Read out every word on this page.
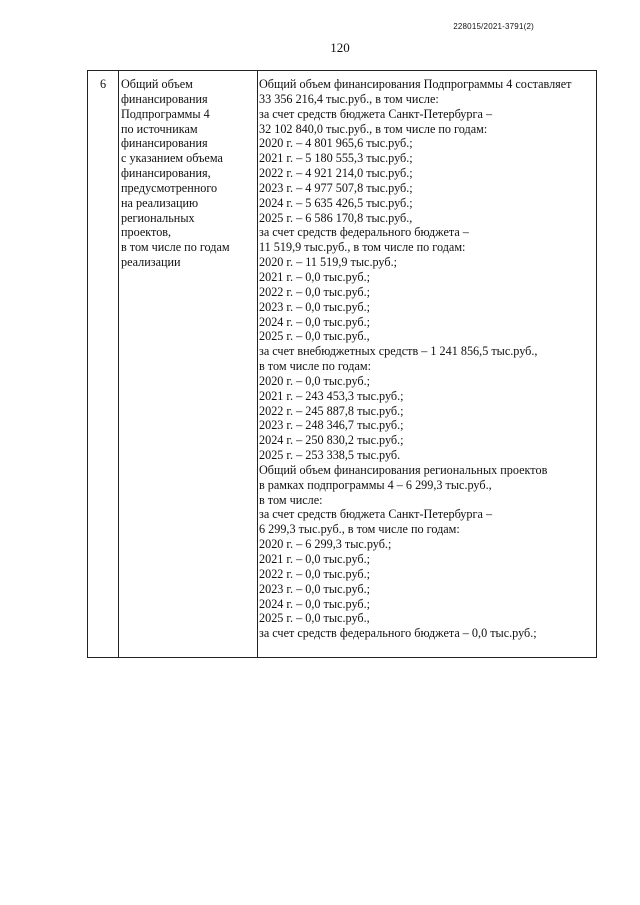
228015/2021-3791(2)
120
6	Общий объем
финансирования
Подпрограммы 4
по источникам
финансирования
с указанием объема
финансирования,
предусмотренного
на реализацию
региональных
проектов,
в том числе по годам
реализации
Общий объем финансирования Подпрограммы 4 составляет
33 356 216,4 тыс.руб., в том числе:
за счет средств бюджета Санкт-Петербурга –
32 102 840,0 тыс.руб., в том числе по годам:
2020 г. – 4 801 965,6 тыс.руб.;
2021 г. – 5 180 555,3 тыс.руб.;
2022 г. – 4 921 214,0 тыс.руб.;
2023 г. – 4 977 507,8 тыс.руб.;
2024 г. – 5 635 426,5 тыс.руб.;
2025 г. – 6 586 170,8 тыс.руб.,
за счет средств федерального бюджета –
11 519,9 тыс.руб., в том числе по годам:
2020 г. – 11 519,9 тыс.руб.;
2021 г. – 0,0 тыс.руб.;
2022 г. – 0,0 тыс.руб.;
2023 г. – 0,0 тыс.руб.;
2024 г. – 0,0 тыс.руб.;
2025 г. – 0,0 тыс.руб.,
за счет внебюджетных средств – 1 241 856,5 тыс.руб.,
в том числе по годам:
2020 г. – 0,0 тыс.руб.;
2021 г. – 243 453,3 тыс.руб.;
2022 г. – 245 887,8 тыс.руб.;
2023 г. – 248 346,7 тыс.руб.;
2024 г. – 250 830,2 тыс.руб.;
2025 г. – 253 338,5 тыс.руб.
Общий объем финансирования региональных проектов
в рамках подпрограммы 4 – 6 299,3 тыс.руб.,
в том числе:
за счет средств бюджета Санкт-Петербурга –
6 299,3 тыс.руб., в том числе по годам:
2020 г. – 6 299,3 тыс.руб.;
2021 г. – 0,0 тыс.руб.;
2022 г. – 0,0 тыс.руб.;
2023 г. – 0,0 тыс.руб.;
2024 г. – 0,0 тыс.руб.;
2025 г. – 0,0 тыс.руб.,
за счет средств федерального бюджета – 0,0 тыс.руб.;
